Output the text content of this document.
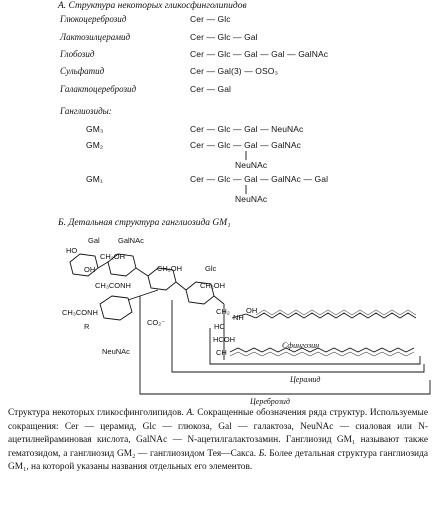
А. Структура некоторых гликосфинголипидов
Глюкоцереброзид	Cer — Glc
Лактозилцерамид	Cer — Glc — Gal
Глобозид	Cer — Glc — Gal — Gal — GalNAc
Сульфатид	Cer — Gal(3) — OSO₃
Галактоцереброзид	Cer — Gal
Ганглиозиды:
GM₃	Cer — Glc — Gal — NeuNAc
GM₂	Cer — Glc — Gal — GalNAc
NeuNAc
GM₁	Cer — Glc — Gal — GalNAc — Gal
NeuNAc
Б. Детальная структура ганглиозида GM₁
Gal GalNAc
Glc
NeuNAc
HO
OH
CH₂OH
CH₂OH
CH₂OH
CH₃CONH
CH₃CONH
CO₂⁻
R	HC
HCOH
CH
NH
CH₂ OH
Сфингозин
Церамид
Цереброзид
Структура некоторых гликосфинголипидов. А. Сокращенные обозначения ряда структур. Используемые сокращения: Cer — церамид, Glc — глюкоза, Gal — галактоза, NeuNAc — сиаловая или N-ацетилнейраминовая кислота, GalNAc — N-ацетилгалактозамин. Ганглиозид GM₁ называют также гематозидом, а ганглиозид GM₂ — ганглиозидом Тея—Сакса. Б. Более детальная структура ганглиозида GM₁, на которой указаны названия отдельных его элементов.
